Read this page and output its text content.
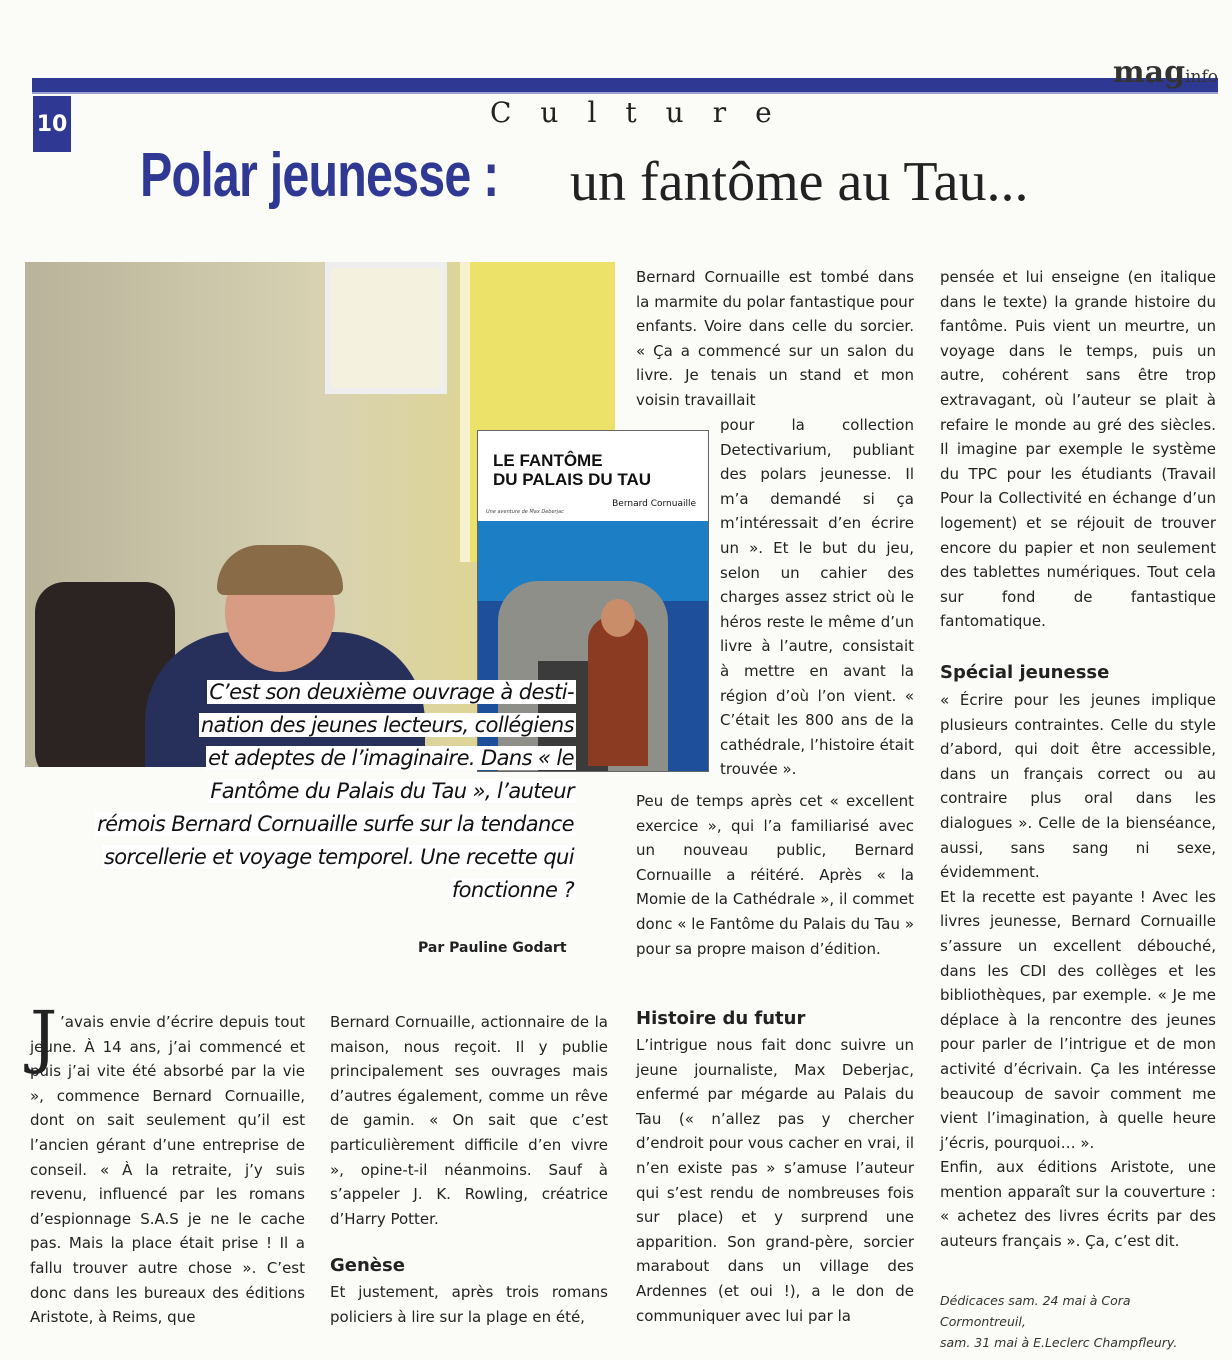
maginfo
10	Culture
Polar jeunesse : un fantôme au Tau...
LE FANTÔME
DU PALAIS DU TAU
Bernard Cornuaille
Une aventure de Max Deberjac
C’est son deuxième ouvrage à desti-
nation des jeunes lecteurs, collégiens
et adeptes de l’imaginaire. Dans « le
Fantôme du Palais du Tau », l’auteur
rémois Bernard Cornuaille surfe sur la tendance
sorcellerie et voyage temporel. Une recette qui
fonctionne ?
Par Pauline Godart
J ’avais envie d’écrire depuis tout jeune. À 14 ans, j’ai commencé et puis j’ai vite été absorbé par la vie », commence Bernard Cornuaille, dont on sait seulement qu’il est l’ancien gérant d’une entreprise de conseil. « À la retraite, j’y suis revenu, influencé par les romans d’espionnage S.A.S je ne le cache pas. Mais la place était prise ! Il a fallu trouver autre chose ». C’est donc dans les bureaux des éditions Aristote, à Reims, que

Bernard Cornuaille, actionnaire de la maison, nous reçoit. Il y publie principalement ses ouvrages mais d’autres également, comme un rêve de gamin. « On sait que c’est particulièrement difficile d’en vivre », opine-t-il néanmoins. Sauf à s’appeler J. K. Rowling, créatrice d’Harry Potter.

Genèse

Et justement, après trois romans policiers à lire sur la plage en été,

Bernard Cornuaille est tombé dans la marmite du polar fantastique pour enfants. Voire dans celle du sorcier. « Ça a commencé sur un salon du livre. Je tenais un stand et mon voisin travaillait

pour la collection Detectivarium, publiant des polars jeunesse. Il m’a demandé si ça m’intéressait d’en écrire un ». Et le but du jeu, selon un cahier des charges assez strict où le héros reste le même d’un livre à l’autre, consistait à mettre en avant la région d’où l’on vient. « C’était les 800 ans de la cathédrale, l’histoire était trouvée ».

Peu de temps après cet « excellent exercice », qui l’a familiarisé avec un nouveau public, Bernard Cornuaille a réitéré. Après « la Momie de la Cathédrale », il commet donc « le Fantôme du Palais du Tau » pour sa propre maison d’édition.

Histoire du futur

L’intrigue nous fait donc suivre un jeune journaliste, Max Deberjac, enfermé par mégarde au Palais du Tau (« n’allez pas y chercher d’endroit pour vous cacher en vrai, il n’en existe pas » s’amuse l’auteur qui s’est rendu de nombreuses fois sur place) et y surprend une apparition. Son grand-père, sorcier marabout dans un village des Ardennes (et oui !), a le don de communiquer avec lui par la

pensée et lui enseigne (en italique dans le texte) la grande histoire du fantôme. Puis vient un meurtre, un voyage dans le temps, puis un autre, cohérent sans être trop extravagant, où l’auteur se plait à refaire le monde au gré des siècles. Il imagine par exemple le système du TPC pour les étudiants (Travail Pour la Collectivité en échange d’un logement) et se réjouit de trouver encore du papier et non seulement des tablettes numériques. Tout cela sur fond de fantastique fantomatique.

Spécial jeunesse

« Écrire pour les jeunes implique plusieurs contraintes. Celle du style d’abord, qui doit être accessible, dans un français correct ou au contraire plus oral dans les dialogues ». Celle de la bienséance, aussi, sans sang ni sexe, évidemment.

Et la recette est payante ! Avec les livres jeunesse, Bernard Cornuaille s’assure un excellent débouché, dans les CDI des collèges et les bibliothèques, par exemple. « Je me déplace à la rencontre des jeunes pour parler de l’intrigue et de mon activité d’écrivain. Ça les intéresse beaucoup de savoir comment me vient l’imagination, à quelle heure j’écris, pourquoi… ».

Enfin, aux éditions Aristote, une mention apparaît sur la couverture : « achetez des livres écrits par des auteurs français ». Ça, c’est dit.

Dédicaces sam. 24 mai à Cora Cormontreuil,
sam. 31 mai à E.Leclerc Champfleury.
